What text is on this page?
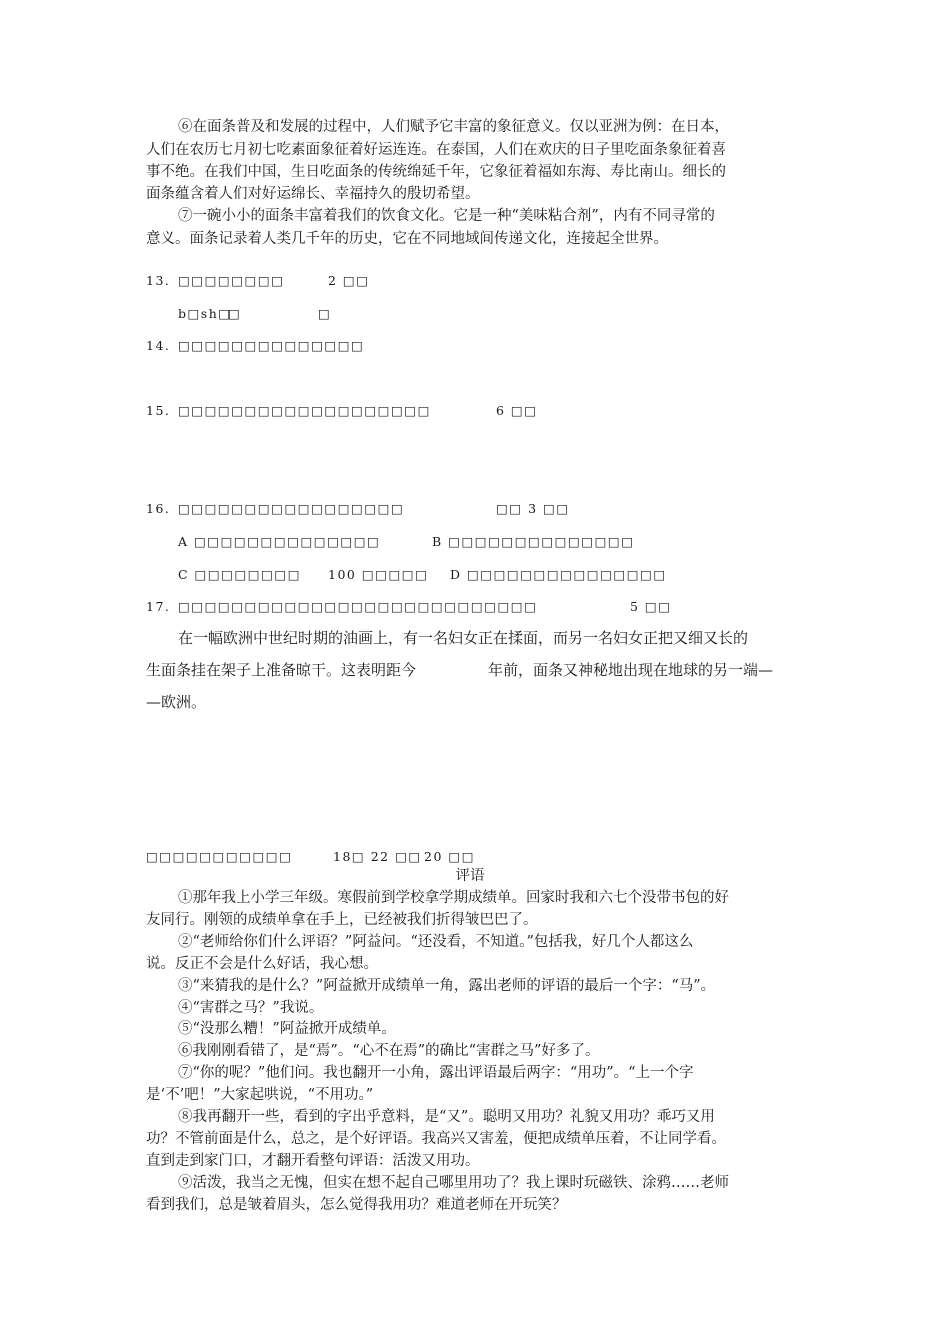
⑥在面条普及和发展的过程中，人们赋予它丰富的象征意义。仅以亚洲为例：在日本，
人们在农历七月初七吃素面象征着好运连连。在泰国，人们在欢庆的日子里吃面条象征着喜
事不绝。在我们中国，生日吃面条的传统绵延千年，它象征着福如东海、寿比南山。细长的
面条蕴含着人们对好运绵长、幸福持久的殷切希望。
⑦一碗小小的面条丰富着我们的饮食文化。它是一种“美味粘合剂”，内有不同寻常的
意义。面条记录着人类几千年的历史，它在不同地域间传递文化，连接起全世界。
13. □□□□□□□□	2 □□
b□sh□
□	□
14. □□□□□□□□□□□□□□
15. □□□□□□□□□□□□□□□□□□□	6 □□
16. □□□□□□□□□□□□□□□□□	□□ 3 □□
A □□□□□□□□□□□□□□	B □□□□□□□□□□□□□□
C □□□□□□□□ 100 □□□□□ D □□□□□□□□□□□□□□□
17. □□□□□□□□□□□□□□□□□□□□□□□□□□□	5 □□
在一幅欧洲中世纪时期的油画上，有一名妇女正在揉面，而另一名妇女正把又细又长的
生面条挂在架子上准备晾干。这表明距今	年前，面条又神秘地出现在地球的另一端—
—欧洲。
□□□□□□□□□□□	18□ 22 □□ 20 □□
评语
①那年我上小学三年级。寒假前到学校拿学期成绩单。回家时我和六七个没带书包的好
友同行。刚领的成绩单拿在手上，已经被我们折得皱巴巴了。
②“老师给你们什么评语？”阿益问。“还没看，不知道。”包括我，好几个人都这么
说。反正不会是什么好话，我心想。
③“来猜我的是什么？”阿益掀开成绩单一角，露出老师的评语的最后一个字：“马”。
④“害群之马？”我说。
⑤“没那么糟！”阿益掀开成绩单。
⑥我刚刚看错了，是“焉”。“心不在焉”的确比“害群之马”好多了。
⑦“你的呢？”他们问。我也翻开一小角，露出评语最后两字：“用功”。“上一个字
是‘不’吧！”大家起哄说，“不用功。”
⑧我再翻开一些，看到的字出乎意料，是“又”。聪明又用功？礼貌又用功？乖巧又用
功？不管前面是什么，总之，是个好评语。我高兴又害羞，便把成绩单压着，不让同学看。
直到走到家门口，才翻开看整句评语：活泼又用功。
⑨活泼，我当之无愧，但实在想不起自己哪里用功了？我上课时玩磁铁、涂鸦……老师
看到我们，总是皱着眉头，怎么觉得我用功？难道老师在开玩笑？
